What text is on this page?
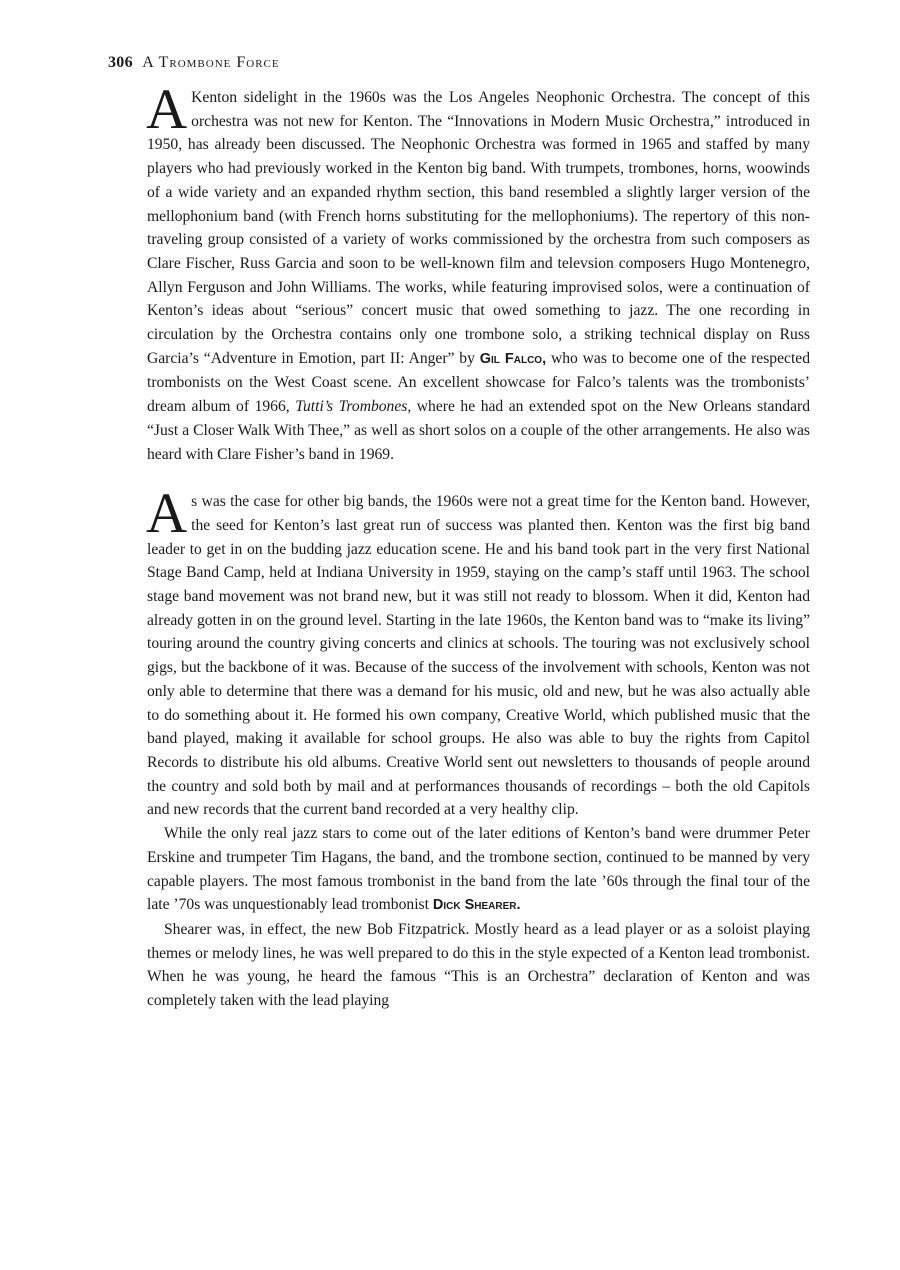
306 A Trombone Force

A Kenton sidelight in the 1960s was the Los Angeles Neophonic Orchestra. The concept of this orchestra was not new for Kenton. The “Innovations in Modern Music Orchestra,” introduced in 1950, has already been discussed. The Neophonic Orchestra was formed in 1965 and staffed by many players who had previously worked in the Kenton big band. With trumpets, trombones, horns, woowinds of a wide variety and an expanded rhythm section, this band resembled a slightly larger version of the mellophonium band (with French horns substituting for the mellophoniums). The repertory of this non-traveling group consisted of a variety of works commissioned by the orchestra from such composers as Clare Fischer, Russ Garcia and soon to be well-known film and televsion composers Hugo Montenegro, Allyn Ferguson and John Williams. The works, while featuring improvised solos, were a continuation of Kenton’s ideas about “serious” concert music that owed something to jazz. The one recording in circulation by the Orchestra contains only one trombone solo, a striking technical display on Russ Garcia’s “Adventure in Emotion, part II: Anger” by Gil Falco, who was to become one of the respected trombonists on the West Coast scene. An excellent showcase for Falco’s talents was the trombonists’ dream album of 1966, Tutti’s Trombones, where he had an extended spot on the New Orleans standard “Just a Closer Walk With Thee,” as well as short solos on a couple of the other arrangements. He also was heard with Clare Fisher’s band in 1969.

As was the case for other big bands, the 1960s were not a great time for the Kenton band. However, the seed for Kenton’s last great run of success was planted then. Kenton was the first big band leader to get in on the budding jazz education scene. He and his band took part in the very first National Stage Band Camp, held at Indiana University in 1959, staying on the camp’s staff until 1963. The school stage band movement was not brand new, but it was still not ready to blossom. When it did, Kenton had already gotten in on the ground level. Starting in the late 1960s, the Kenton band was to “make its living” touring around the country giving concerts and clinics at schools. The touring was not exclusively school gigs, but the backbone of it was. Because of the success of the involvement with schools, Kenton was not only able to determine that there was a demand for his music, old and new, but he was also actually able to do something about it. He formed his own company, Creative World, which published music that the band played, making it available for school groups. He also was able to buy the rights from Capitol Records to distribute his old albums. Creative World sent out newsletters to thousands of people around the country and sold both by mail and at performances thousands of recordings – both the old Capitols and new records that the current band recorded at a very healthy clip.

While the only real jazz stars to come out of the later editions of Kenton’s band were drummer Peter Erskine and trumpeter Tim Hagans, the band, and the trombone section, continued to be manned by very capable players. The most famous trombonist in the band from the late ’60s through the final tour of the late ’70s was unquestionably lead trombonist Dick Shearer.

Shearer was, in effect, the new Bob Fitzpatrick. Mostly heard as a lead player or as a soloist playing themes or melody lines, he was well prepared to do this in the style expected of a Kenton lead trombonist. When he was young, he heard the famous “This is an Orchestra” declaration of Kenton and was completely taken with the lead playing
